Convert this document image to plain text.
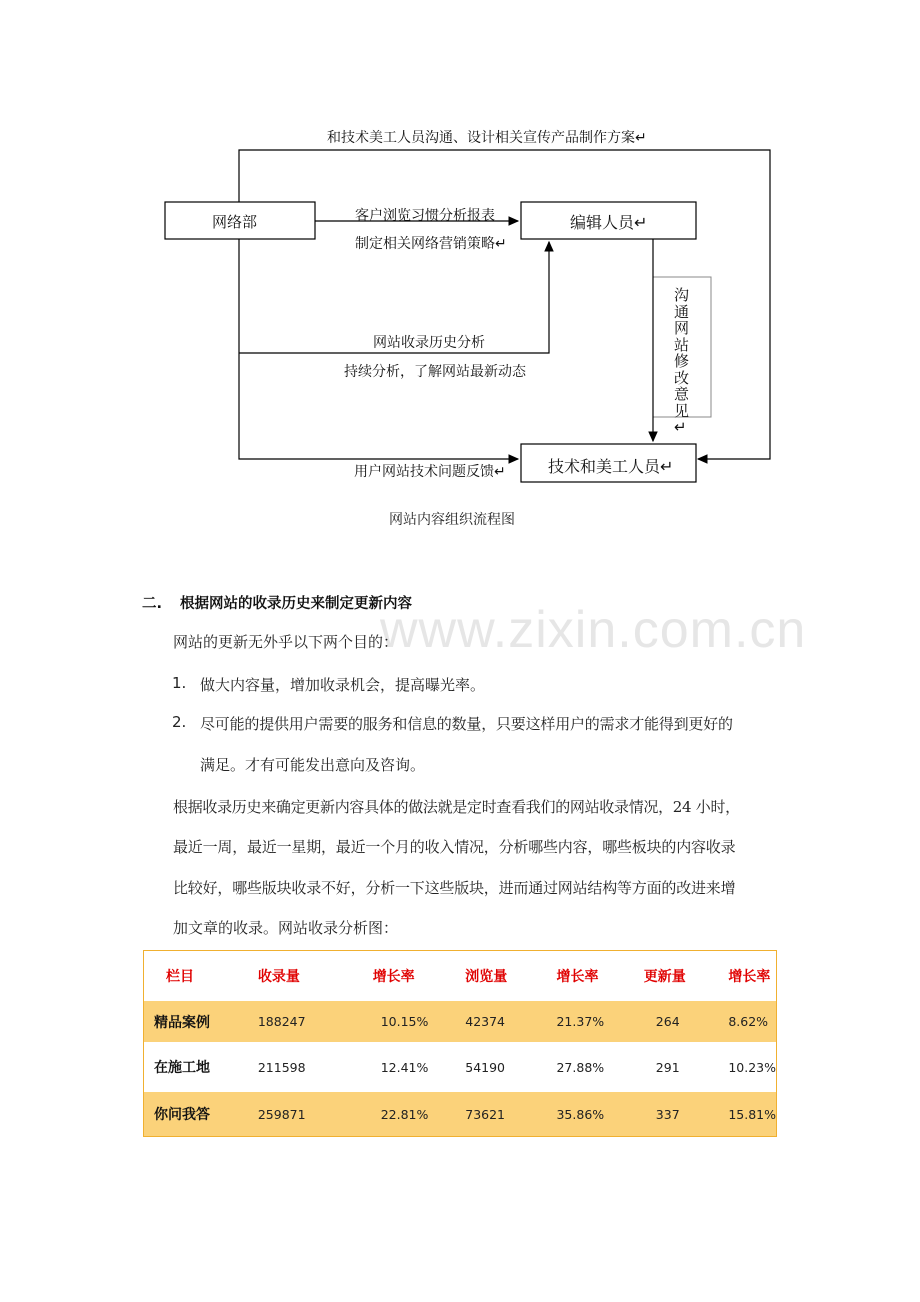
www.zixin.com.cn
和技术美工人员沟通、设计相关宣传产品制作方案↵
网络部	编辑人员↵
技术和美工人员↵
客户浏览习惯分析报表
制定相关网络营销策略↵
网站收录历史分析
持续分析，了解网站最新动态
用户网站技术问题反馈↵
沟通网站修改意见↵
网站内容组织流程图
二. 根据网站的收录历史来制定更新内容
网站的更新无外乎以下两个目的：
1. 做大内容量，增加收录机会，提高曝光率。
2. 尽可能的提供用户需要的服务和信息的数量，只要这样用户的需求才能得到更好的
满足。才有可能发出意向及咨询。
根据收录历史来确定更新内容具体的做法就是定时查看我们的网站收录情况，24 小时，
最近一周，最近一星期，最近一个月的收入情况，分析哪些内容，哪些板块的内容收录
比较好，哪些版块收录不好，分析一下这些版块，进而通过网站结构等方面的改进来增
加文章的收录。网站收录分析图：
栏目	收录量	增长率	浏览量	增长率	更新量	增长率
精品案例	188247	10.15%	42374	21.37%	264	8.62%
在施工地	211598	12.41%	54190	27.88%	291	10.23%
你问我答	259871	22.81%	73621	35.86%	337	15.81%
